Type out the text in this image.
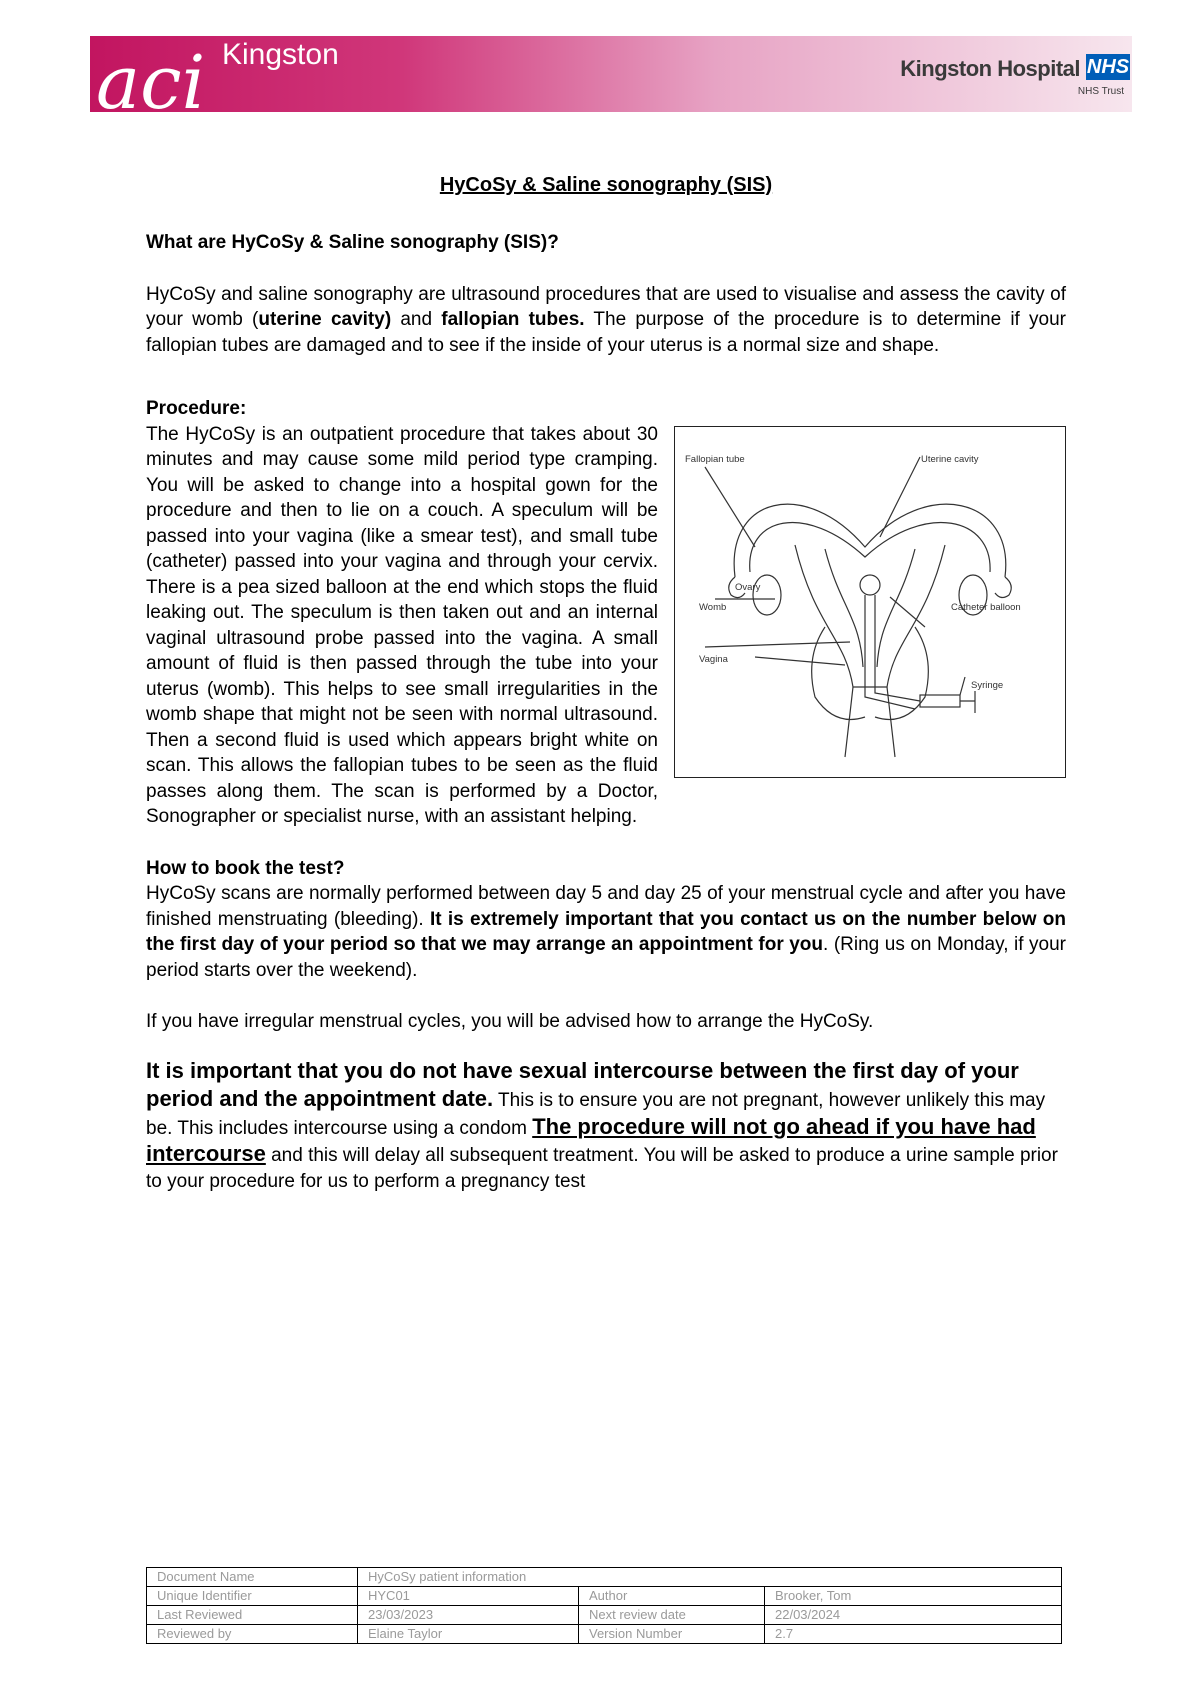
Kingston
aci	Kingston Hospital NHS
NHS Trust
HyCoSy & Saline sonography (SIS)
What are HyCoSy & Saline sonography (SIS)?

HyCoSy and saline sonography are ultrasound procedures that are used to visualise and assess the cavity of your womb (uterine cavity) and fallopian tubes. The purpose of the procedure is to determine if your fallopian tubes are damaged and to see if the inside of your uterus is a normal size and shape.

Procedure:
Fallopian tube	Uterine cavity
Ovary
Womb	Catheter balloon
Vagina
Syringe

The HyCoSy is an outpatient procedure that takes about 30 minutes and may cause some mild period type cramping. You will be asked to change into a hospital gown for the procedure and then to lie on a couch. A speculum will be passed into your vagina (like a smear test), and small tube (catheter) passed into your vagina and through your cervix. There is a pea sized balloon at the end which stops the fluid leaking out. The speculum is then taken out and an internal vaginal ultrasound probe passed into the vagina. A small amount of fluid is then passed through the tube into your uterus (womb). This helps to see small irregularities in the womb shape that might not be seen with normal ultrasound. Then a second fluid is used which appears bright white on scan. This allows the fallopian tubes to be seen as the fluid passes along them. The scan is performed by a Doctor, Sonographer or specialist nurse, with an assistant helping.

How to book the test?

HyCoSy scans are normally performed between day 5 and day 25 of your menstrual cycle and after you have finished menstruating (bleeding). It is extremely important that you contact us on the number below on the first day of your period so that we may arrange an appointment for you. (Ring us on Monday, if your period starts over the weekend).

If you have irregular menstrual cycles, you will be advised how to arrange the HyCoSy.

It is important that you do not have sexual intercourse between the first day of your period and the appointment date. This is to ensure you are not pregnant, however unlikely this may be. This includes intercourse using a condom The procedure will not go ahead if you have had intercourse and this will delay all subsequent treatment. You will be asked to produce a urine sample prior to your procedure for us to perform a pregnancy test

Document Name	HyCoSy patient information		
Unique Identifier	HYC01	Author	Brooker, Tom
Last Reviewed	23/03/2023	Next review date	22/03/2024
Reviewed by	Elaine Taylor	Version Number	2.7
